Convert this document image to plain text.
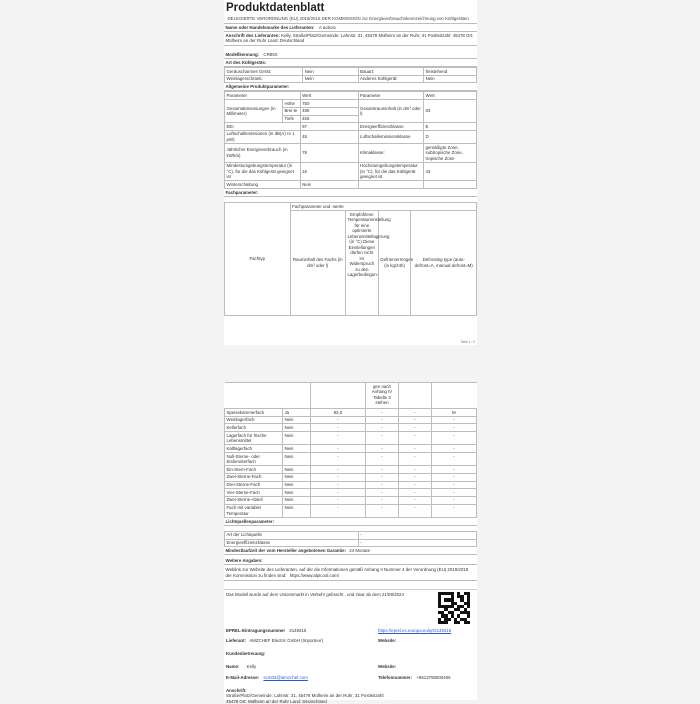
Produktdatenblatt
DELEGIERTE VERORDNUNG (EU) 2019/2016 DER KOMMISSION zur Energieverbrauchskennzeichnung von Kühlgeräten
Name oder Handelsmarke des Lieferanten: A aobosi
Anschrift des Lieferanten: Kelly, Straße/Platz/Gemeinde: Lahnstr. 31, 45478 Mülheim an der Ruhr, 31 Postleitzahl: 45478 Ort: Mülheim an der Ruhr Land: Deutschland
Modellkennung: CR85X
Art des Kühlgeräts:
Geräuscharmes Gerät:	Nein	Bauart:	freistehend
Weinlagerschrank:	Nein	Anderes Kühlgerät:	Nein
Allgemeine Produktparameter:
Parameter		Wert	Parameter	Wert
Gesamtabmessungen (in Millimeter)	Höhe	750	Gesamtrauminhalt (in dm³ oder l)	83
	Brei-te	485		
	Tiefe	455		
EEI		97	Energieeffizienzklasse	E
Luftschallemissionen (in dB(A) re 1 pW)		45	Luftschallemissionsklasse	D
Jährlicher Energieverbrauch (in kWh/a)		78	Klimaklasse:	gemäßigte Zone, subtropische Zone, tropische Zone
Mindestumgebungstemperatur (in °C), für die das Kühlgerät geeignet ist		16	Höchstumgebungstemperatur (in °C), für die das Kühlgerät geeignet ist	43
Winterschaltung		Nein		
Fachparameter:
Fachtyp	Fachparameter und -werte			
	Rauminhalt des Fachs (in dm³ oder l)	Empfohlene Temperatureinstellung für eine optimierte Lebensmittellagerung (in °C) Diese Einstellungen dürfen nicht im Widerspruch zu den Lagerbedingun-	Gefriervermögen (in kg/24h)	Defrosting type (auto-defrost=A, manual defrost=M)
Seite 1 / 2
			gen nach Anhang IV Tabelle 3 stehen		
Speisekammerfach	Ja	83,0	-	-	M
Weinlagerfach	Nein	-	-	-	-
Kellerfach	Nein	-	-	-	-
Lagerfach für frische Lebensmittel	Nein	-	-	-	-
Kaltlagerfach	Nein	-	-	-	-
Null-Sterne- oder Eisbereiterfach	Nein	-	-	-	-
Ein-Stern-Fach	Nein	-	-	-	-
Zwei-Sterne-Fach	Nein	-	-	-	-
Drei-Sterne-Fach	Nein	-	-	-	-
Vier-Sterne-Fach	Nein	-	-	-	-
Zwei-Sterne-Abteil	Nein	-	-	-	-
Fach mit variabler Temperatur	Nein	-	-	-	-
Lichtquellenparameter:
Art der Lichtquelle	-
Energieeffizienzklasse	-
Mindestlaufzeit der vom Hersteller angebotenen Garantie: 24 Monate
Weitere Angaben:
Weblink zur Website des Lieferanten, auf der die Informationen gemäß Anhang II Nummer 4 der Verordnung (EU) 2019/2019 der Kommission zu finden sind: https://www.alpicool.com/
Das Modell wurde auf dem Unionsmarkt in Verkehr gebracht , und zwar ab dem 21/09/2024
EPREL-Eintragungsnummer 2149315	https://eprel.ec.europa.eu/qr/2149315
Lieferant: AMZCHEF Electric GmbH (Importeur)	Website:
Kundenbetreuung:
Name: Kelly	Website:
E-Mail-Adresse: scm02@iamzchef.com	Telefonnummer: +8613755500406
Anschrift:
Straße/Platz/Gemeinde: Lahnstr. 31, 45478 Mülheim an der Ruhr, 31 Postleitzahl: 45478 Ort: Mülheim an der Ruhr Land: Deutschland
